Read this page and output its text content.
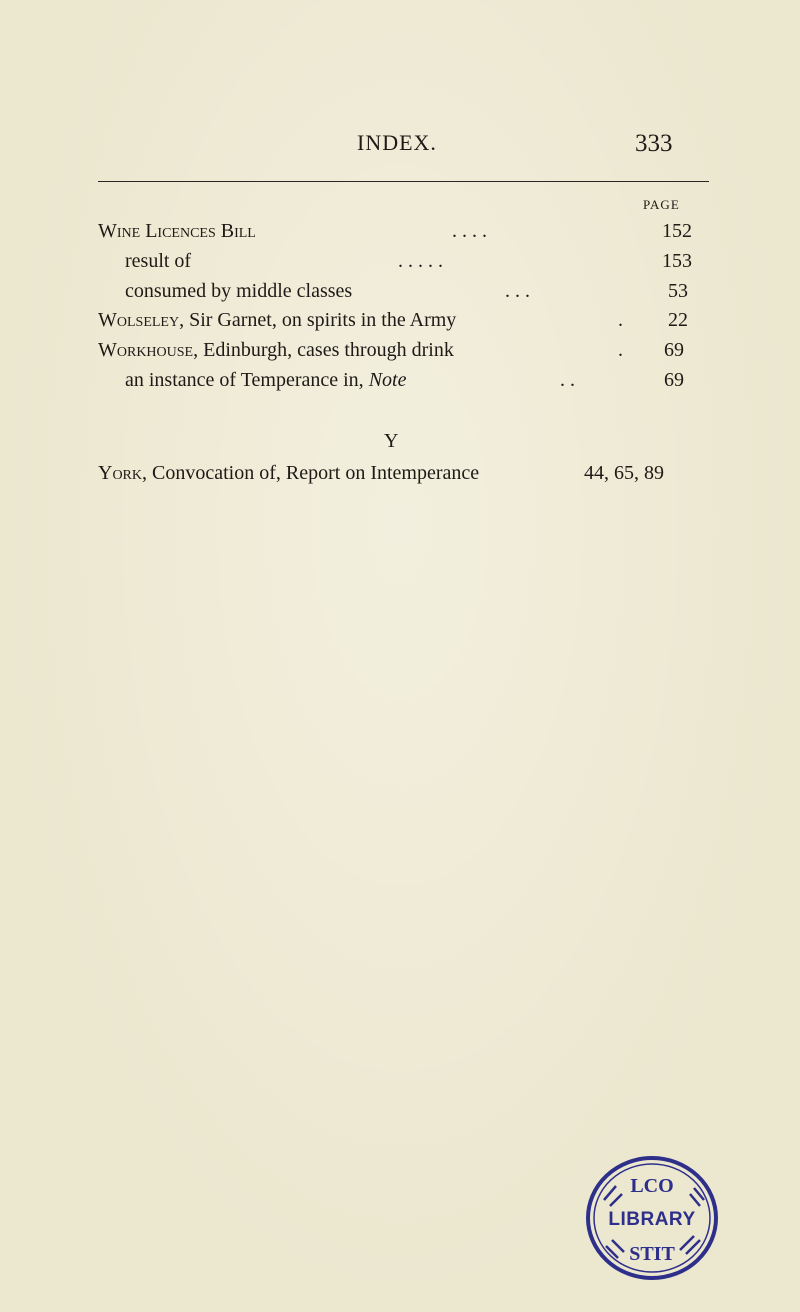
INDEX.	333
PAGE
Wine Licences Bill	. . . .	152
result of	. . . . .	153
consumed by middle classes	. . .	53
Wolseley, Sir Garnet, on spirits in the Army	. 22
Workhouse, Edinburgh, cases through drink	. 69
an instance of Temperance in, Note	. .	69
Y
York, Convocation of, Report on Intemperance	44, 65, 89
LCO
LIBRARY
STIT
